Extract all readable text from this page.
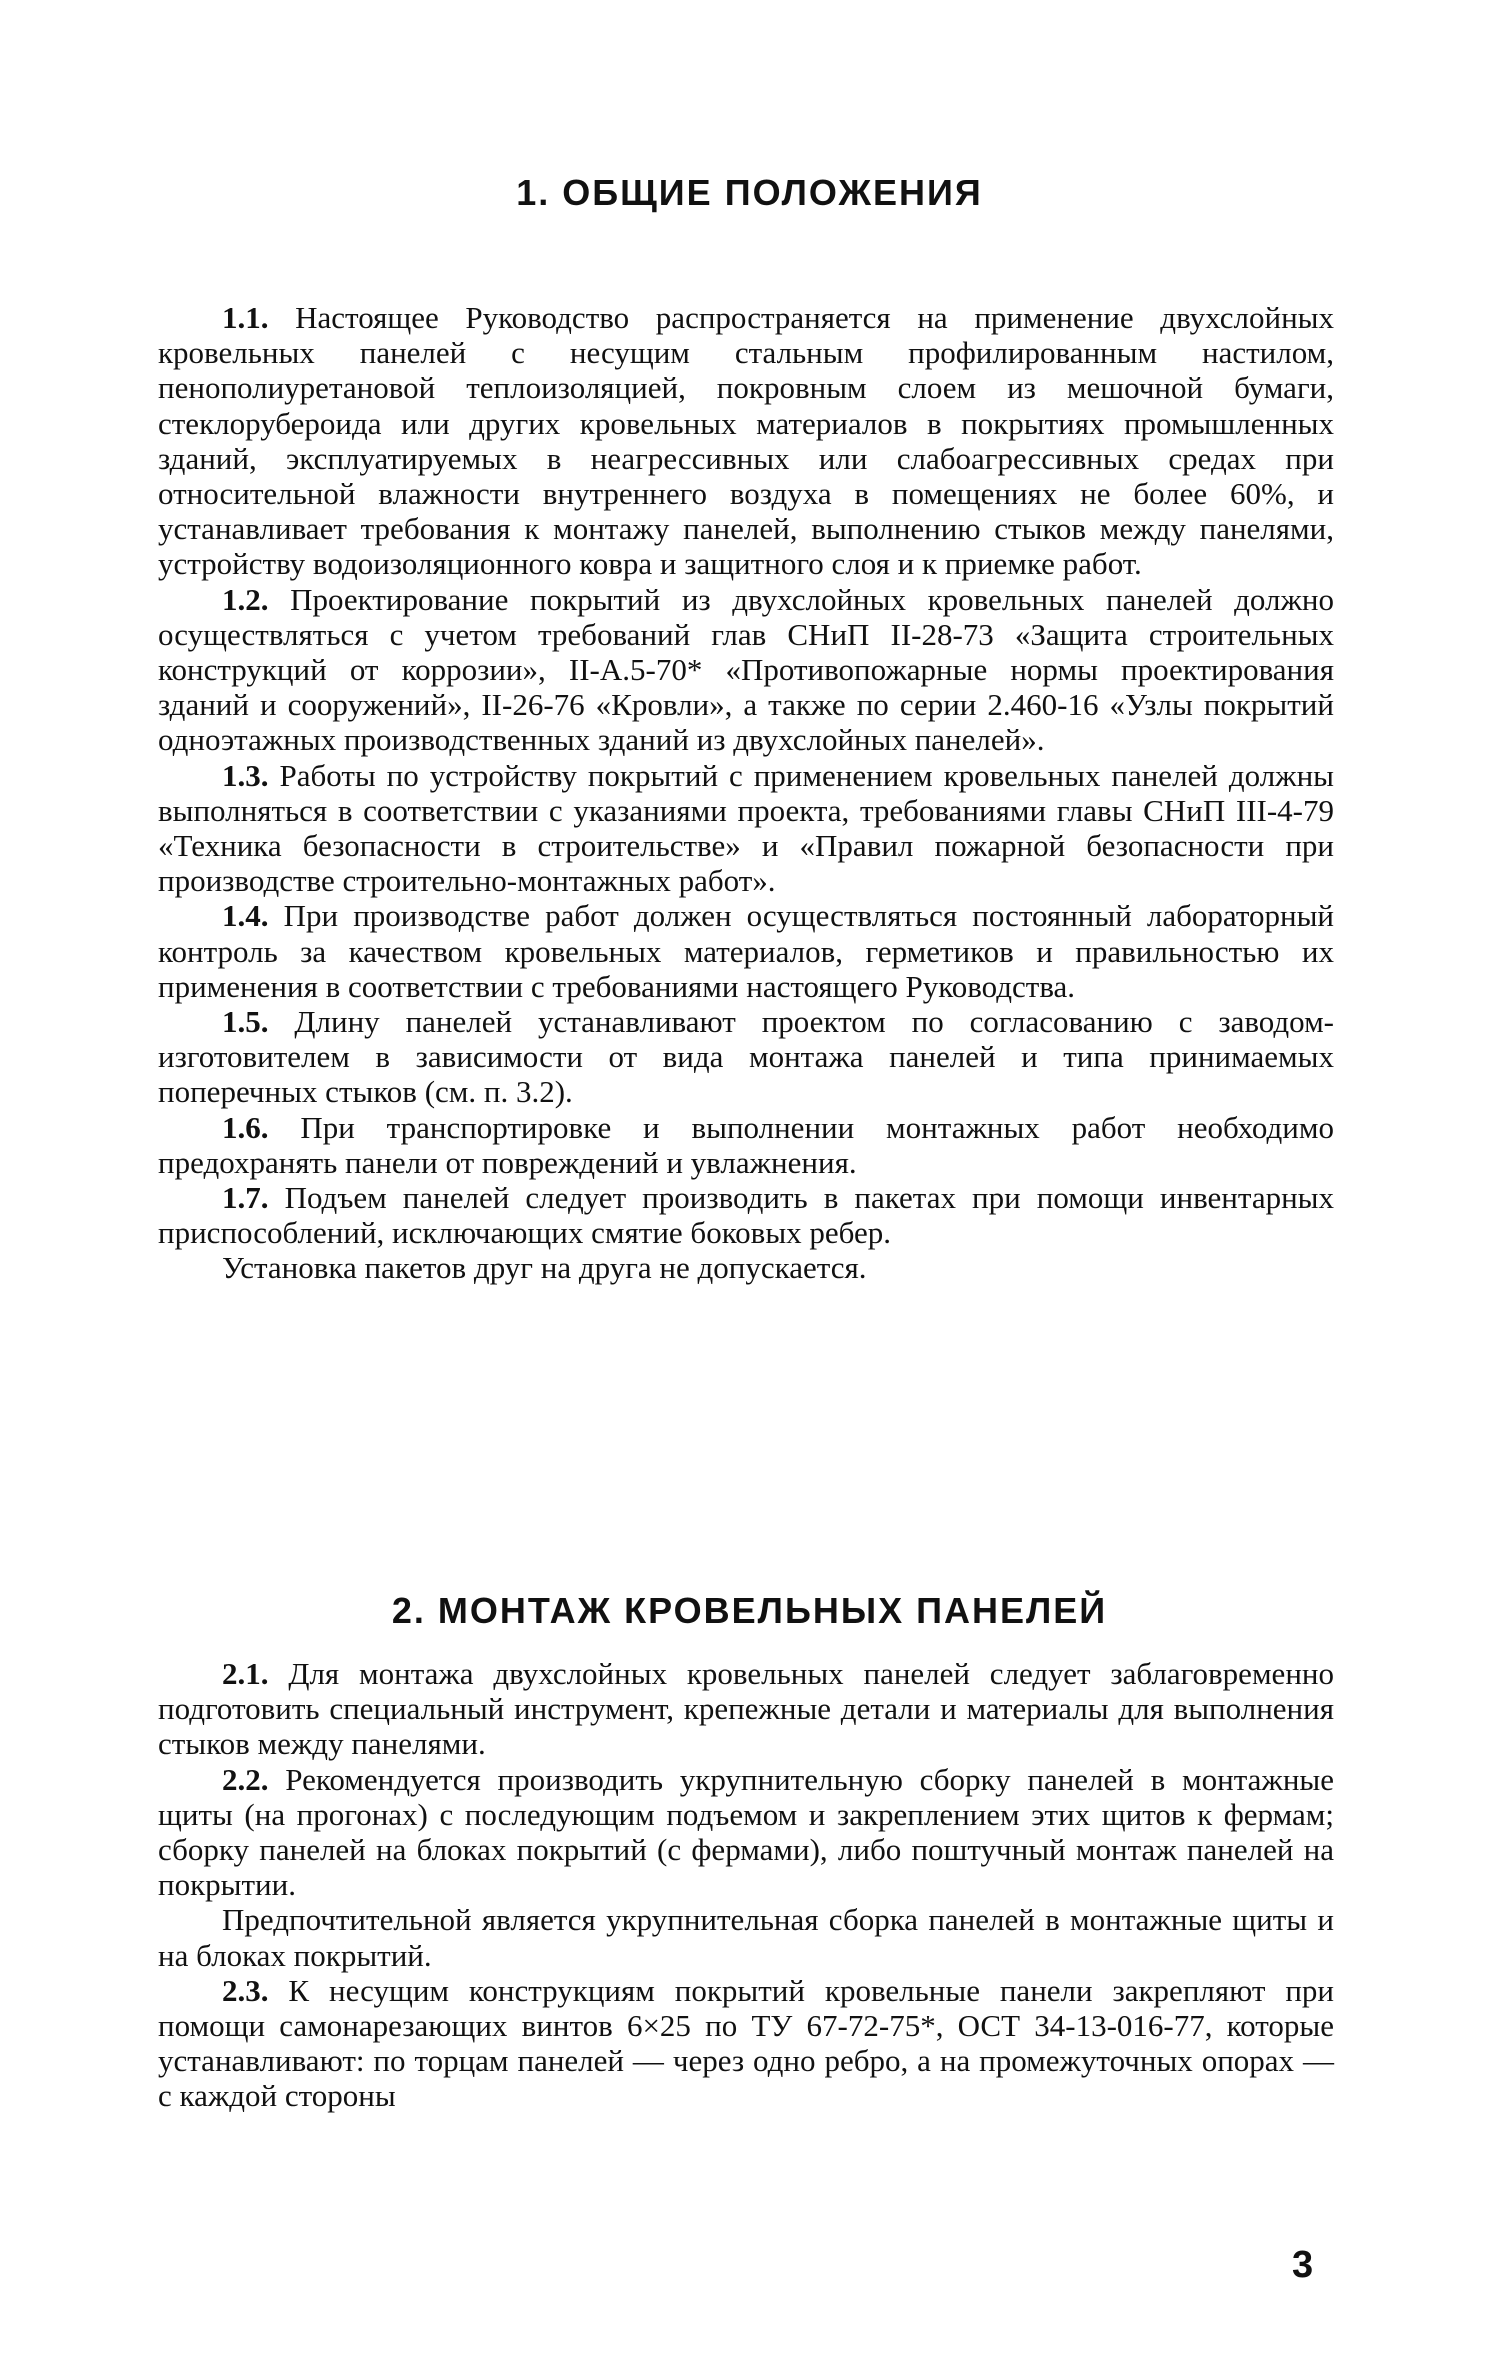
1. ОБЩИЕ ПОЛОЖЕНИЯ

1.1. Настоящее Руководство распространяется на применение двухслойных кровельных панелей с несущим стальным профилированным настилом, пенополиуретановой теплоизоляцией, покровным слоем из мешочной бумаги, стеклорубероида или других кровельных материалов в покрытиях промышленных зданий, эксплуатируемых в неагрессивных или слабоагрессивных средах при относительной влажности внутреннего воздуха в помещениях не более 60%, и устанавливает требования к монтажу панелей, выполнению стыков между панелями, устройству водоизоляционного ковра и защитного слоя и к приемке работ.

1.2. Проектирование покрытий из двухслойных кровельных панелей должно осуществляться с учетом требований глав СНиП II-28-73 «Защита строительных конструкций от коррозии», II-А.5-70* «Противопожарные нормы проектирования зданий и сооружений», II-26-76 «Кровли», а также по серии 2.460-16 «Узлы покрытий одноэтажных производственных зданий из двухслойных панелей».

1.3. Работы по устройству покрытий с применением кровельных панелей должны выполняться в соответствии с указаниями проекта, требованиями главы СНиП III-4-79 «Техника безопасности в строительстве» и «Правил пожарной безопасности при производстве строительно-монтажных работ».

1.4. При производстве работ должен осуществляться постоянный лабораторный контроль за качеством кровельных материалов, герметиков и правильностью их применения в соответствии с требованиями настоящего Руководства.

1.5. Длину панелей устанавливают проектом по согласованию с заводом-изготовителем в зависимости от вида монтажа панелей и типа принимаемых поперечных стыков (см. п. 3.2).

1.6. При транспортировке и выполнении монтажных работ необходимо предохранять панели от повреждений и увлажнения.

1.7. Подъем панелей следует производить в пакетах при помощи инвентарных приспособлений, исключающих смятие боковых ребер.

Установка пакетов друг на друга не допускается.

2. МОНТАЖ КРОВЕЛЬНЫХ ПАНЕЛЕЙ

2.1. Для монтажа двухслойных кровельных панелей следует заблаговременно подготовить специальный инструмент, крепежные детали и материалы для выполнения стыков между панелями.

2.2. Рекомендуется производить укрупнительную сборку панелей в монтажные щиты (на прогонах) с последующим подъемом и закреплением этих щитов к фермам; сборку панелей на блоках покрытий (с фермами), либо поштучный монтаж панелей на покрытии.

Предпочтительной является укрупнительная сборка панелей в монтажные щиты и на блоках покрытий.

2.3. К несущим конструкциям покрытий кровельные панели закрепляют при помощи самонарезающих винтов 6×25 по ТУ 67-72-75*, ОСТ 34-13-016-77, которые устанавливают: по торцам панелей — через одно ребро, а на промежуточных опорах — с каждой стороны

3
